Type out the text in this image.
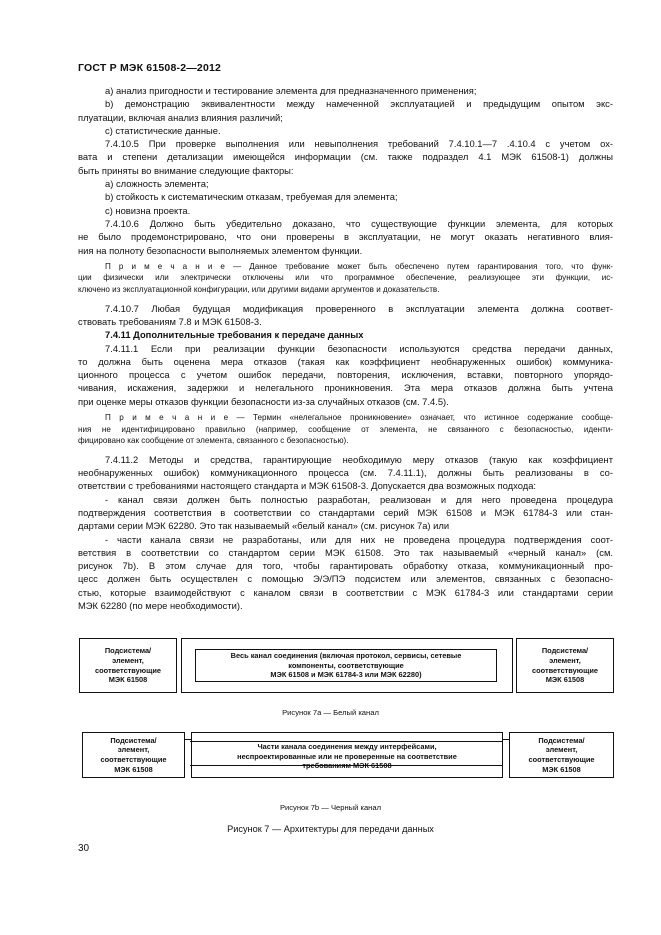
ГОСТ Р МЭК 61508-2—2012
а) анализ пригодности и тестирование элемента для предназначенного применения;
b) демонстрацию эквивалентности между намеченной эксплуатацией и предыдущим опытом экс-
плуатации, включая анализ влияния различий;
с) статистические данные.
7.4.10.5 При проверке выполнения или невыполнения требований 7.4.10.1—7 .4.10.4 с учетом ох-
вата и степени детализации имеющейся информации (см. также подраздел 4.1 МЭК 61508-1) должны
быть приняты во внимание следующие факторы:
а) сложность элемента;
b) стойкость к систематическим отказам, требуемая для элемента;
с) новизна проекта.
7.4.10.6 Должно быть убедительно доказано, что существующие функции элемента, для которых
не было продемонстрировано, что они проверены в эксплуатации, не могут оказать негативного влия-
ния на полноту безопасности выполняемых элементом функции.
П р и м е ч а н и е — Данное требование может быть обеспечено путем гарантирования того, что функ-
ции физически или электрически отключены или что программное обеспечение, реализующее эти функции, ис-
ключено из эксплуатационной конфигурации, или другими видами аргументов и доказательств.
7.4.10.7 Любая будущая модификация проверенного в эксплуатации элемента должна соответ-
ствовать требованиям 7.8 и МЭК 61508-3.
7.4.11 Дополнительные требования к передаче данных
7.4.11.1 Если при реализации функции безопасности используются средства передачи данных,
то должна быть оценена мера отказов (такая как коэффициент необнаруженных ошибок) коммуника-
ционного процесса с учетом ошибок передачи, повторения, исключения, вставки, повторного упорядо-
чивания, искажения, задержки и нелегального проникновения. Эта мера отказов должна быть учтена
при оценке меры отказов функции безопасности из-за случайных отказов (см. 7.4.5).
П р и м е ч а н и е — Термин «нелегальное проникновение» означает, что истинное содержание сообще-
ния не идентифицировано правильно (например, сообщение от элемента, не связанного с безопасностью, иденти-
фицировано как сообщение от элемента, связанного с безопасностью).
7.4.11.2 Методы и средства, гарантирующие необходимую меру отказов (такую как коэффициент
необнаруженных ошибок) коммуникационного процесса (см. 7.4.11.1), должны быть реализованы в со-
ответствии с требованиями настоящего стандарта и МЭК 61508-3. Допускается два возможных подхода:
- канал связи должен быть полностью разработан, реализован и для него проведена процедура
подтверждения соответствия в соответствии со стандартами серий МЭК 61508 и МЭК 61784-3 или стан-
дартами серии МЭК 62280. Это так называемый «белый канал» (см. рисунок 7а) или
- части канала связи не разработаны, или для них не проведена процедура подтверждения соот-
ветствия в соответствии со стандартом серии МЭК 61508. Это так называемый «черный канал» (см.
рисунок 7b). В этом случае для того, чтобы гарантировать обработку отказа, коммуникационный про-
цесс должен быть осуществлен с помощью Э/Э/ПЭ подсистем или элементов, связанных с безопасно-
стью, которые взаимодействуют с каналом связи в соответствии с МЭК 61784-3 или стандартами серии
МЭК 62280 (по мере необходимости).
Подсистема/
элемент,
соответствующие
МЭК 61508
Весь канал соединения (включая протокол, сервисы, сетевые
компоненты, соответствующие
МЭК 61508 и МЭК 61784-3 или МЭК 62280)
Подсистема/
элемент,
соответствующие
МЭК 61508
Рисунок 7а — Белый канал
Подсистема/
элемент,
соответствующие
МЭК 61508
Части канала соединения между интерфейсами,
неспроектированные или не проверенные на соответствие
требованиям МЭК 61508
Подсистема/
элемент,
соответствующие
МЭК 61508
Рисунок 7b — Черный канал
Рисунок 7 — Архитектуры для передачи данных
30
